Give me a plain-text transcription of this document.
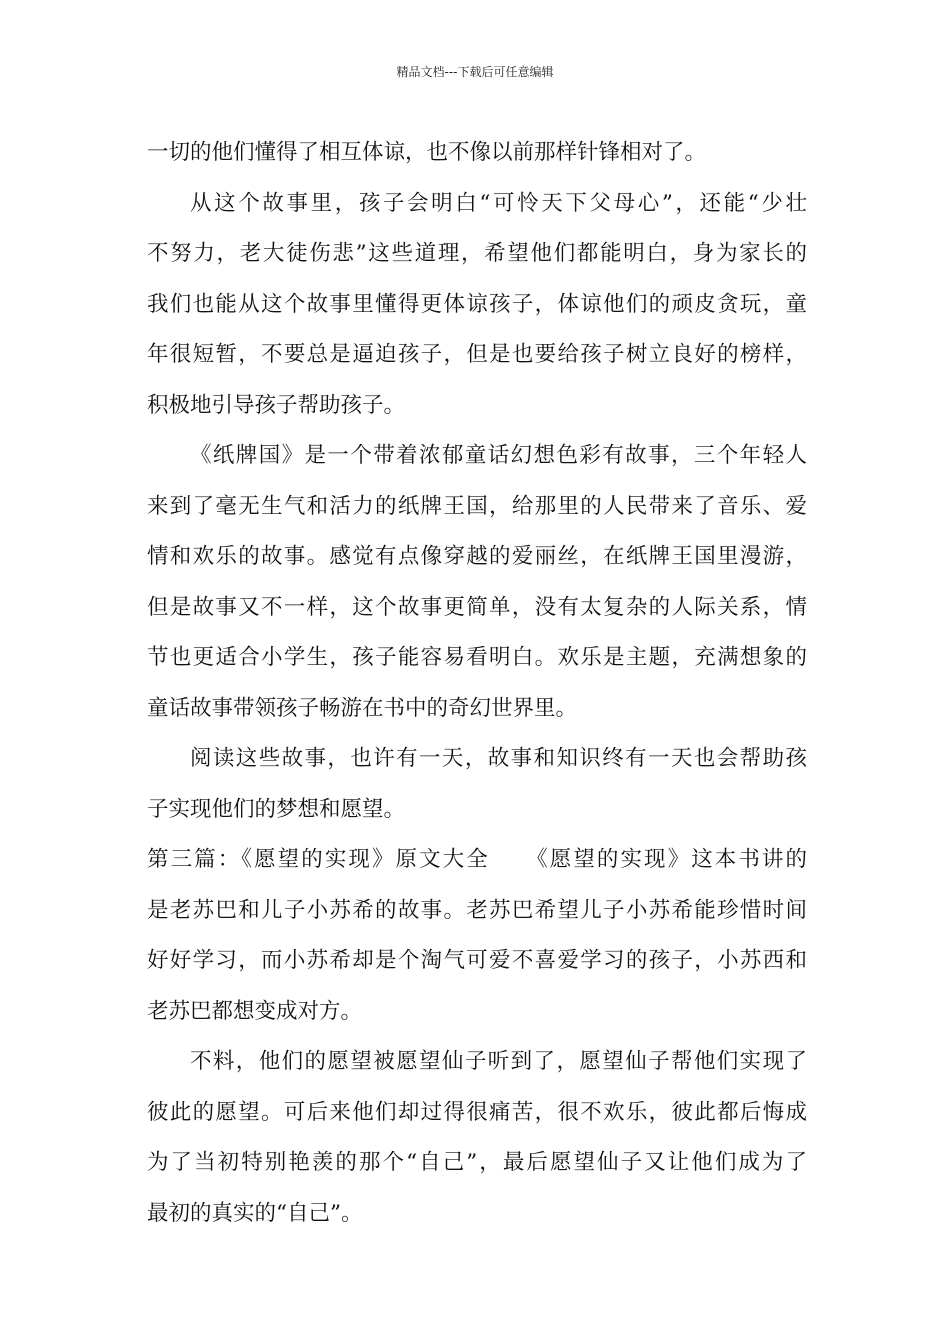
精品文档---下载后可任意编辑
一切的他们懂得了相互体谅，也不像以前那样针锋相对了。
从这个故事里，孩子会明白“可怜天下父母心”，还能“少壮
不努力，老大徒伤悲”这些道理，希望他们都能明白，身为家长的
我们也能从这个故事里懂得更体谅孩子，体谅他们的顽皮贪玩，童
年很短暂，不要总是逼迫孩子，但是也要给孩子树立良好的榜样，
积极地引导孩子帮助孩子。
《纸牌国》是一个带着浓郁童话幻想色彩有故事，三个年轻人
来到了毫无生气和活力的纸牌王国，给那里的人民带来了音乐、爱
情和欢乐的故事。感觉有点像穿越的爱丽丝，在纸牌王国里漫游，
但是故事又不一样，这个故事更简单，没有太复杂的人际关系，情
节也更适合小学生，孩子能容易看明白。欢乐是主题，充满想象的
童话故事带领孩子畅游在书中的奇幻世界里。
阅读这些故事，也许有一天，故事和知识终有一天也会帮助孩
子实现他们的梦想和愿望。
第三篇：《愿望的实现》原文大全　　《愿望的实现》这本书讲的
是老苏巴和儿子小苏希的故事。老苏巴希望儿子小苏希能珍惜时间
好好学习，而小苏希却是个淘气可爱不喜爱学习的孩子，小苏西和
老苏巴都想变成对方。
不料，他们的愿望被愿望仙子听到了，愿望仙子帮他们实现了
彼此的愿望。可后来他们却过得很痛苦，很不欢乐，彼此都后悔成
为了当初特别艳羡的那个“自己”，最后愿望仙子又让他们成为了
最初的真实的“自己”。
